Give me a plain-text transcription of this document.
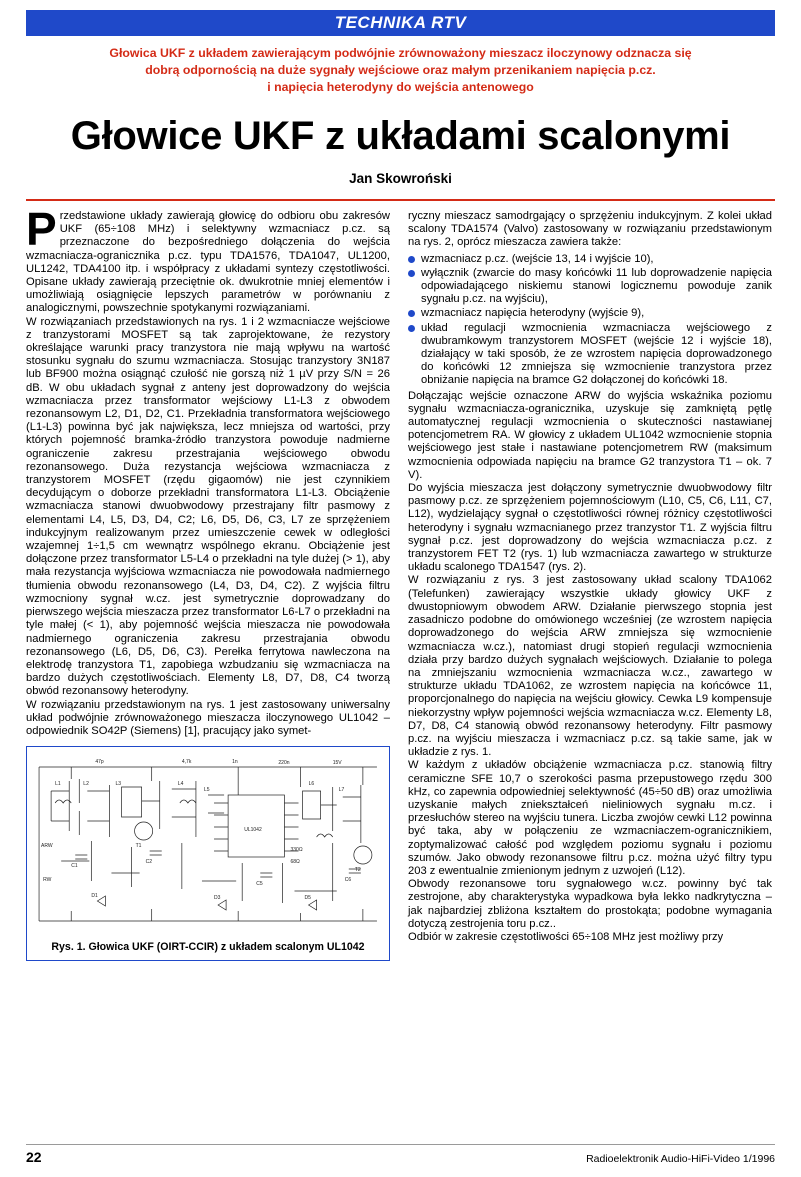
TECHNIKA RTV
Głowica UKF z układem zawierającym podwójnie zrównoważony mieszacz iloczynowy odznacza się
dobrą odpornością na duże sygnały wejściowe oraz małym przenikaniem napięcia p.cz.
i napięcia heterodyny do wejścia antenowego
Głowice UKF z układami scalonymi
Jan Skowroński

Przedstawione układy zawierają głowicę do odbioru obu zakresów UKF (65÷108 MHz) i selektywny wzmacniacz p.cz. są przeznaczone do bezpośredniego dołączenia do wejścia wzmacniacza-ogranicznika p.cz. typu TDA1576, TDA1047, UL1200, UL1242, TDA4100 itp. i współpracy z układami syntezy częstotliwości. Opisane układy zawierają przeciętnie ok. dwukrotnie mniej elementów i umożliwiają osiągnięcie lepszych parametrów w porównaniu z analogicznymi, powszechnie spotykanymi rozwiązaniami.

W rozwiązaniach przedstawionych na rys. 1 i 2 wzmacniacze wejściowe z tranzystorami MOSFET są tak zaprojektowane, że rezystory określające warunki pracy tranzystora nie mają wpływu na wartość stosunku sygnału do szumu wzmacniacza. Stosując tranzystory 3N187 lub BF900 można osiągnąć czułość nie gorszą niż 1 µV przy S/N = 26 dB. W obu układach sygnał z anteny jest doprowadzony do wejścia wzmacniacza przez transformator wejściowy L1-L3 z obwodem rezonansowym L2, D1, D2, C1. Przekładnia transformatora wejściowego (L1-L3) powinna być jak największa, lecz mniejsza od wartości, przy których pojemność bramka-źródło tranzystora powoduje nadmierne ograniczenie zakresu przestrajania wejściowego obwodu rezonansowego. Duża rezystancja wejściowa wzmacniacza z tranzystorem MOSFET (rzędu gigaomów) nie jest czynnikiem decydującym o doborze przekładni transformatora L1-L3. Obciążenie wzmacniacza stanowi dwuobwodowy przestrajany filtr pasmowy z elementami L4, L5, D3, D4, C2; L6, D5, D6, C3, L7 ze sprzężeniem indukcyjnym realizowanym przez umieszczenie cewek w odległości wzajemnej 1÷1,5 cm wewnątrz wspólnego ekranu. Obciążenie jest dołączone przez transformator L5-L4 o przekładni na tyle dużej (> 1), aby mała rezystancja wyjściowa wzmacniacza nie powodowała nadmiernego tłumienia obwodu rezonansowego (L4, D3, D4, C2). Z wyjścia filtru wzmocniony sygnał w.cz. jest symetrycznie doprowadzany do pierwszego wejścia mieszacza przez transformator L6-L7 o przekładni na tyle małej (< 1), aby pojemność wejścia mieszacza nie powodowała nadmiernego ograniczenia zakresu przestrajania obwodu rezonansowego (L6, D5, D6, C3). Perełka ferrytowa nawleczona na elektrodę tranzystora T1, zapobiega wzbudzaniu się wzmacniacza na bardzo dużych częstotliwościach. Elementy L8, D7, D8, C4 tworzą obwód rezonansowy heterodyny.

W rozwiązaniu przedstawionym na rys. 1 jest zastosowany uniwersalny układ podwójnie zrównoważonego mieszacza iloczynowego UL1042 – odpowiednik SO42P (Siemens) [1], pracujący jako symet-

UL1042
220n	15V
L1	L2	L3	L4
L5
L6
L7
D1	D3	D5
C1
C2
C5
C6
T1
T2
4,7k
47p	1n
330Ω
68Ω
ARW
RW
Rys. 1. Głowica UKF (OIRT-CCIR) z układem scalonym UL1042

ryczny mieszacz samodrgający o sprzężeniu indukcyjnym. Z kolei układ scalony TDA1574 (Valvo) zastosowany w rozwiązaniu przedstawionym na rys. 2, oprócz mieszacza zawiera także:

wzmacniacz p.cz. (wejście 13, 14 i wyjście 10),
wyłącznik (zwarcie do masy końcówki 11 lub doprowadzenie napięcia odpowiadającego niskiemu stanowi logicznemu powoduje zanik sygnału p.cz. na wyjściu),
wzmacniacz napięcia heterodyny (wyjście 9),
układ regulacji wzmocnienia wzmacniacza wejściowego z dwubramkowym tranzystorem MOSFET (wejście 12 i wyjście 18), działający w taki sposób, że ze wzrostem napięcia doprowadzonego do końcówki 12 zmniejsza się wzmocnienie tranzystora przez obniżanie napięcia na bramce G2 dołączonej do końcówki 18.

Dołączając wejście oznaczone ARW do wyjścia wskaźnika poziomu sygnału wzmacniacza-ogranicznika, uzyskuje się zamkniętą pętlę automatycznej regulacji wzmocnienia o skuteczności nastawianej potencjometrem RA. W głowicy z układem UL1042 wzmocnienie stopnia wejściowego jest stałe i nastawiane potencjometrem RW (maksimum wzmocnienia odpowiada napięciu na bramce G2 tranzystora T1 – ok. 7 V).

Do wyjścia mieszacza jest dołączony symetrycznie dwuobwodowy filtr pasmowy p.cz. ze sprzężeniem pojemnościowym (L10, C5, C6, L11, C7, L12), wydzielający sygnał o częstotliwości równej różnicy częstotliwości heterodyny i sygnału wzmacnianego przez tranzystor T1. Z wyjścia filtru sygnał p.cz. jest doprowadzony do wejścia wzmacniacza p.cz. z tranzystorem FET T2 (rys. 1) lub wzmacniacza zawartego w strukturze układu scalonego TDA1547 (rys. 2).

W rozwiązaniu z rys. 3 jest zastosowany układ scalony TDA1062 (Telefunken) zawierający wszystkie układy głowicy UKF z dwustopniowym obwodem ARW. Działanie pierwszego stopnia jest zasadniczo podobne do omówionego wcześniej (ze wzrostem napięcia doprowadzonego do wejścia ARW zmniejsza się wzmocnienie wzmacniacza w.cz.), natomiast drugi stopień regulacji wzmocnienia działa przy bardzo dużych sygnałach wejściowych. Działanie to polega na zmniejszaniu wzmocnienia wzmacniacza w.cz., zawartego w strukturze układu TDA1062, ze wzrostem napięcia na końcówce 11, proporcjonalnego do napięcia na wejściu głowicy. Cewka L9 kompensuje niekorzystny wpływ pojemności wejścia wzmacniacza w.cz. Elementy L8, D7, D8, C4 stanowią obwód rezonansowy heterodyny. Filtr pasmowy p.cz. na wyjściu mieszacza i wzmacniacz p.cz. są takie same, jak w układzie z rys. 1.

W każdym z układów obciążenie wzmacniacza p.cz. stanowią filtry ceramiczne SFE 10,7 o szerokości pasma przepustowego rzędu 300 kHz, co zapewnia odpowiedniej selektywność (45÷50 dB) oraz umożliwia uzyskanie małych zniekształceń nieliniowych sygnału m.cz. i przesłuchów stereo na wyjściu tunera. Liczba zwojów cewki L12 powinna być taka, aby w połączeniu ze wzmacniaczem-ogranicznikiem, zoptymalizować całość pod względem poziomu sygnału i poziomu szumów. Jako obwody rezonansowe filtru p.cz. można użyć filtry typu 203 z ewentualnie zmienionym jednym z uzwojeń (L12).

Obwody rezonansowe toru sygnałowego w.cz. powinny być tak zestrojone, aby charakterystyka wypadkowa była lekko nadkrytyczna – jak najbardziej zbliżona kształtem do prostokąta; podobne wymagania dotyczą zestrojenia toru p.cz..

Odbiór w zakresie częstotliwości 65÷108 MHz jest możliwy przy

22	Radioelektronik Audio-HiFi-Video 1/1996
